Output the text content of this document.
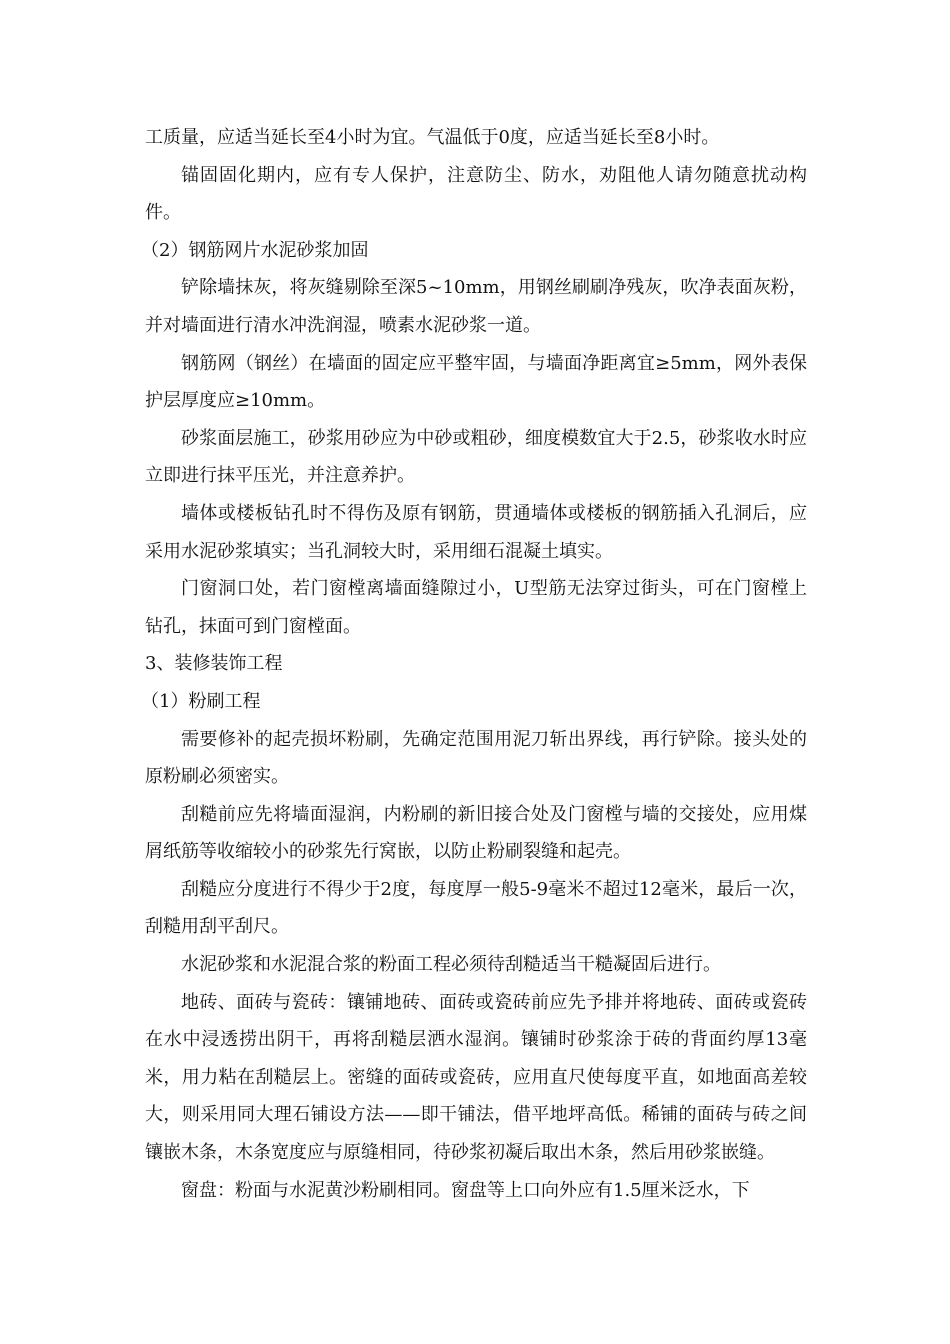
工质量，应适当延长至4小时为宜。气温低于0度，应适当延长至8小时。

锚固固化期内，应有专人保护，注意防尘、防水，劝阻他人请勿随意扰动构件。

（2）钢筋网片水泥砂浆加固

铲除墙抹灰，将灰缝剔除至深5~10mm，用钢丝刷刷净残灰，吹净表面灰粉，并对墙面进行清水冲洗润湿，喷素水泥砂浆一道。

钢筋网（钢丝）在墙面的固定应平整牢固，与墙面净距离宜≥5mm，网外表保护层厚度应≥10mm。

砂浆面层施工，砂浆用砂应为中砂或粗砂，细度模数宜大于2.5，砂浆收水时应立即进行抹平压光，并注意养护。

墙体或楼板钻孔时不得伤及原有钢筋，贯通墙体或楼板的钢筋插入孔洞后，应采用水泥砂浆填实；当孔洞较大时，采用细石混凝土填实。

门窗洞口处，若门窗樘离墙面缝隙过小，U型筋无法穿过街头，可在门窗樘上钻孔，抹面可到门窗樘面。

3、装修装饰工程

（1）粉刷工程

需要修补的起壳损坏粉刷，先确定范围用泥刀斩出界线，再行铲除。接头处的原粉刷必须密实。

刮糙前应先将墙面湿润，内粉刷的新旧接合处及门窗樘与墙的交接处，应用煤屑纸筋等收缩较小的砂浆先行窝嵌，以防止粉刷裂缝和起壳。

刮糙应分度进行不得少于2度，每度厚一般5-9毫米不超过12毫米，最后一次，刮糙用刮平刮尺。

水泥砂浆和水泥混合浆的粉面工程必须待刮糙适当干糙凝固后进行。

地砖、面砖与瓷砖：镶铺地砖、面砖或瓷砖前应先予排并将地砖、面砖或瓷砖在水中浸透捞出阴干，再将刮糙层洒水湿润。镶铺时砂浆涂于砖的背面约厚13毫米，用力粘在刮糙层上。密缝的面砖或瓷砖，应用直尺使每度平直，如地面高差较大，则采用同大理石铺设方法——即干铺法，借平地坪高低。稀铺的面砖与砖之间镶嵌木条，木条宽度应与原缝相同，待砂浆初凝后取出木条，然后用砂浆嵌缝。

窗盘：粉面与水泥黄沙粉刷相同。窗盘等上口向外应有1.5厘米泛水，下
